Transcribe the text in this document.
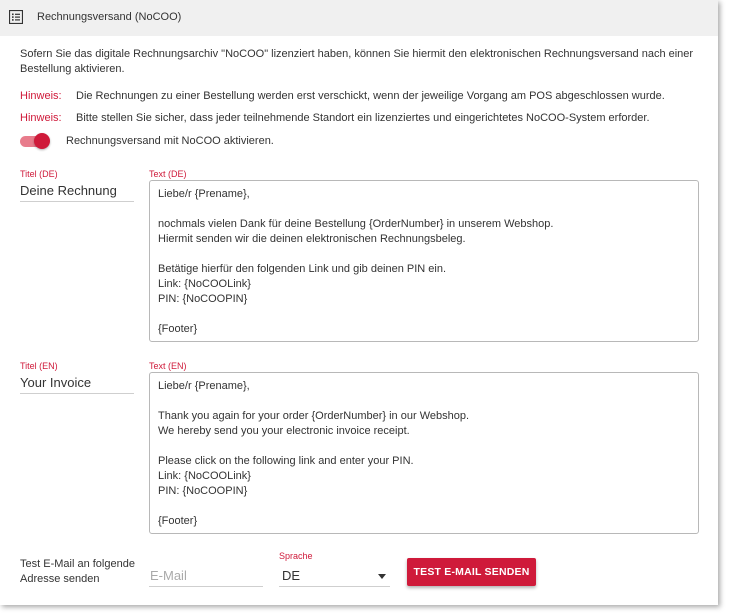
Rechnungsversand (NoCOO)
Sofern Sie das digitale Rechnungsarchiv "NoCOO" lizenziert haben, können Sie hiermit den elektronischen Rechnungsversand nach einer
Bestellung aktivieren.
Hinweis: Die Rechnungen zu einer Bestellung werden erst verschickt, wenn der jeweilige Vorgang am POS abgeschlossen wurde.
Hinweis: Bitte stellen Sie sicher, dass jeder teilnehmende Standort ein lizenziertes und eingerichtetes NoCOO-System erforder.
Rechnungsversand mit NoCOO aktivieren.
Titel (DE)
Deine Rechnung
Text (DE)
Liebe/r {Prename},
nochmals vielen Dank für deine Bestellung {OrderNumber} in unserem Webshop.
Hiermit senden wir die deinen elektronischen Rechnungsbeleg.
Betätige hierfür den folgenden Link und gib deinen PIN ein.
Link: {NoCOOLink}
PIN: {NoCOOPIN}
{Footer}
Titel (EN)
Your Invoice
Text (EN)
Liebe/r {Prename},
Thank you again for your order {OrderNumber} in our Webshop.
We hereby send you your electronic invoice receipt.
Please click on the following link and enter your PIN.
Link: {NoCOOLink}
PIN: {NoCOOPIN}
{Footer}
Test E-Mail an folgende
Adresse senden	E-Mail
Sprache
DE	TEST E-MAIL SENDEN
